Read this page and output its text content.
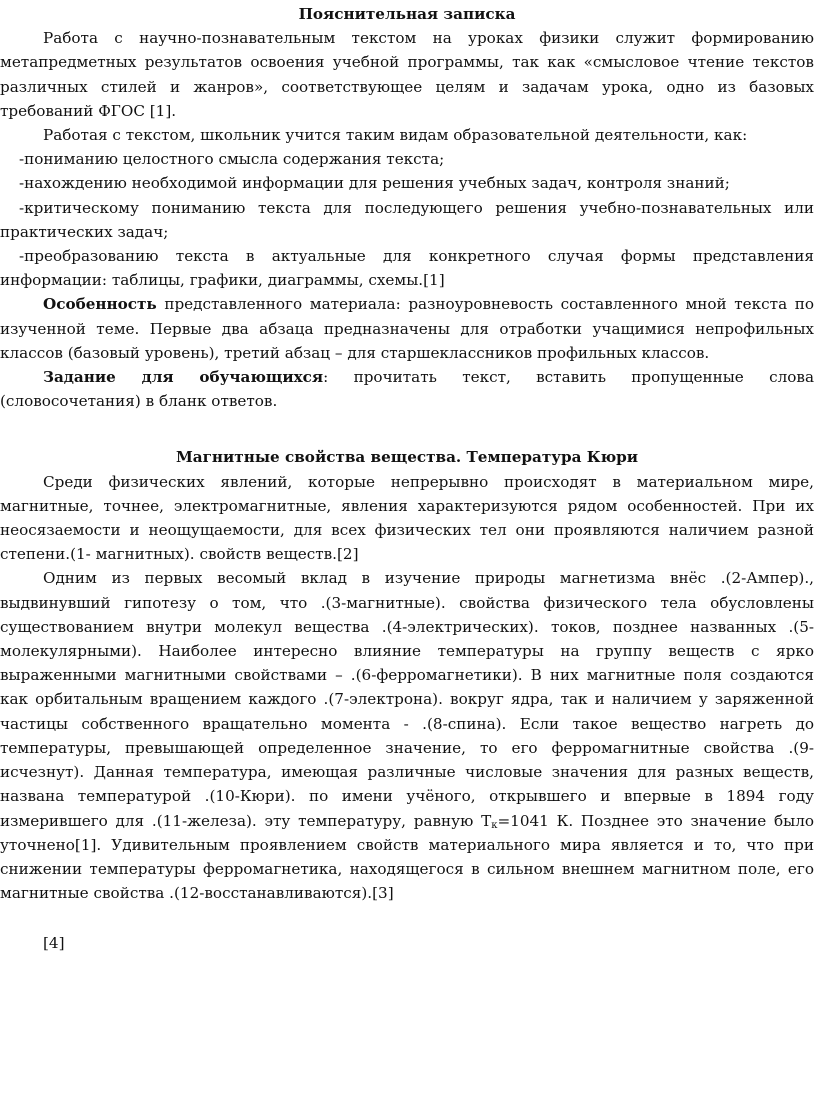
Пояснительная записка

Работа с научно-познавательным текстом на уроках физики служит формированию метапредметных результатов освоения учебной программы, так как «смысловое чтение текстов различных стилей и жанров», соответствующее целям и задачам урока, одно из базовых требований ФГОС [1].

Работая с текстом, школьник учится таким видам образовательной деятельности, как:

-пониманию целостного смысла содержания текста;

-нахождению необходимой информации для решения учебных задач, контроля знаний;

-критическому пониманию текста для последующего решения учебно-познавательных или практических задач;

-преобразованию текста в актуальные для конкретного случая формы представления информации: таблицы, графики, диаграммы, схемы.[1]

Особенность представленного материала: разноуровневость составленного мной текста по изученной теме. Первые два абзаца предназначены для отработки учащимися непрофильных классов (базовый уровень), третий абзац – для старшеклассников профильных классов.

Задание для обучающихся: прочитать текст, вставить пропущенные слова (словосочетания) в бланк ответов.

Магнитные свойства вещества. Температура Кюри

Среди физических явлений, которые непрерывно происходят в материальном мире, магнитные, точнее, электромагнитные, явления характеризуются рядом особенностей. При их неосязаемости и неощущаемости, для всех физических тел они проявляются наличием разной степени.(1- магнитных). свойств веществ.[2]

Одним из первых весомый вклад в изучение природы магнетизма внёс .(2-Ампер)., выдвинувший гипотезу о том, что .(3-магнитные). свойства физического тела обусловлены существованием внутри молекул вещества .(4-электрических). токов, позднее названных .(5-молекулярными). Наиболее интересно влияние температуры на группу веществ с ярко выраженными магнитными свойствами – .(6-ферромагнетики). В них магнитные поля создаются как орбитальным вращением каждого .(7-электрона). вокруг ядра, так и наличием у заряженной частицы собственного вращательно момента - .(8-спина). Если такое вещество нагреть до температуры, превышающей определенное значение, то его ферромагнитные свойства .(9-исчезнут). Данная температура, имеющая различные числовые значения для разных веществ, названа температурой .(10-Кюри). по имени учёного, открывшего и впервые в 1894 году измерившего для .(11-железа). эту температуру, равную $Т_к=1041$ К. Позднее это значение было уточнено[1]. Удивительным проявлением свойств материального мира является и то, что при снижении температуры ферромагнетика, находящегося в сильном внешнем магнитном поле, его магнитные свойства .(12-восстанавливаются).[3]

[4]
